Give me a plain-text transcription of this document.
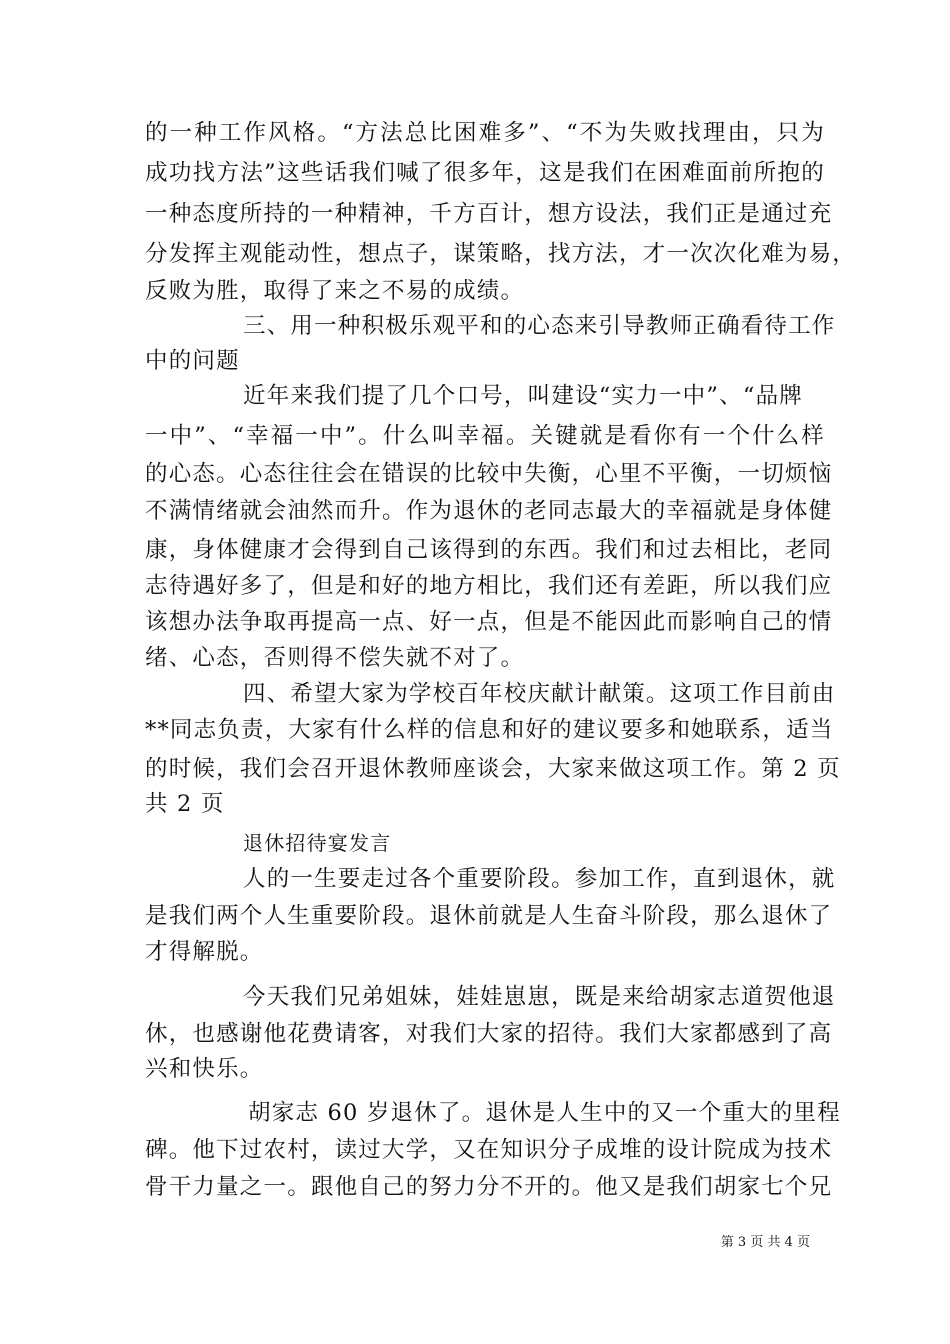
的一种工作风格。“方法总比困难多”、“不为失败找理由，只为
成功找方法”这些话我们喊了很多年，这是我们在困难面前所抱的
一种态度所持的一种精神，千方百计，想方设法，我们正是通过充
分发挥主观能动性，想点子，谋策略，找方法，才一次次化难为易，
反败为胜，取得了来之不易的成绩。
三、用一种积极乐观平和的心态来引导教师正确看待工作
中的问题
近年来我们提了几个口号，叫建设“实力一中”、“品牌
一中”、“幸福一中”。什么叫幸福。关键就是看你有一个什么样
的心态。心态往往会在错误的比较中失衡，心里不平衡，一切烦恼
不满情绪就会油然而升。作为退休的老同志最大的幸福就是身体健
康，身体健康才会得到自己该得到的东西。我们和过去相比，老同
志待遇好多了，但是和好的地方相比，我们还有差距，所以我们应
该想办法争取再提高一点、好一点，但是不能因此而影响自己的情
绪、心态，否则得不偿失就不对了。
四、希望大家为学校百年校庆献计献策。这项工作目前由
**同志负责，大家有什么样的信息和好的建议要多和她联系，适当
的时候，我们会召开退休教师座谈会，大家来做这项工作。第 2 页
共 2 页
退休招待宴发言
人的一生要走过各个重要阶段。参加工作，直到退休，就
是我们两个人生重要阶段。退休前就是人生奋斗阶段，那么退休了
才得解脱。
今天我们兄弟姐妹，娃娃崽崽，既是来给胡家志道贺他退
休，也感谢他花费请客，对我们大家的招待。我们大家都感到了高
兴和快乐。
胡家志 60 岁退休了。退休是人生中的又一个重大的里程
碑。他下过农村，读过大学，又在知识分子成堆的设计院成为技术
骨干力量之一。跟他自己的努力分不开的。他又是我们胡家七个兄
第 3 页 共 4 页
